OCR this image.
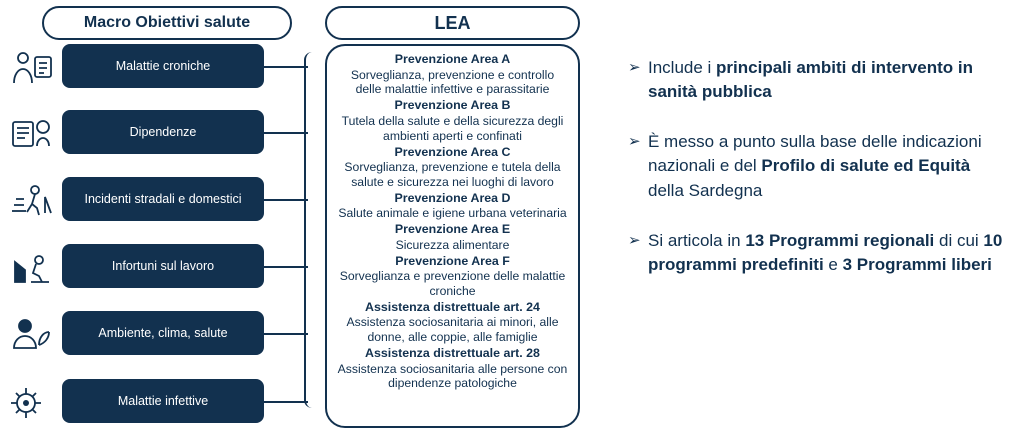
Macro Obiettivi salute	LEA
Malattie croniche
Dipendenze
Incidenti stradali e domestici
Infortuni sul lavoro
Ambiente, clima, salute
Malattie infettive
Prevenzione Area A
Sorveglianza, prevenzione e controllo delle malattie infettive e parassitarie
Prevenzione Area B
Tutela della salute e della sicurezza degli ambienti aperti e confinati
Prevenzione Area C
Sorveglianza, prevenzione e tutela della salute e sicurezza nei luoghi di lavoro
Prevenzione Area D
Salute animale e igiene urbana veterinaria
Prevenzione Area E
Sicurezza alimentare
Prevenzione Area F
Sorveglianza e prevenzione delle malattie croniche
Assistenza distrettuale art. 24
Assistenza sociosanitaria ai minori, alle donne, alle coppie, alle famiglie
Assistenza distrettuale art. 28
Assistenza sociosanitaria alle persone con dipendenze patologiche
➢ Include i principali ambiti di intervento in sanità pubblica
➢ È messo a punto sulla base delle indicazioni nazionali e del Profilo di salute ed Equità della Sardegna
➢ Si articola in 13 Programmi regionali di cui 10 programmi predefiniti e 3 Programmi liberi
